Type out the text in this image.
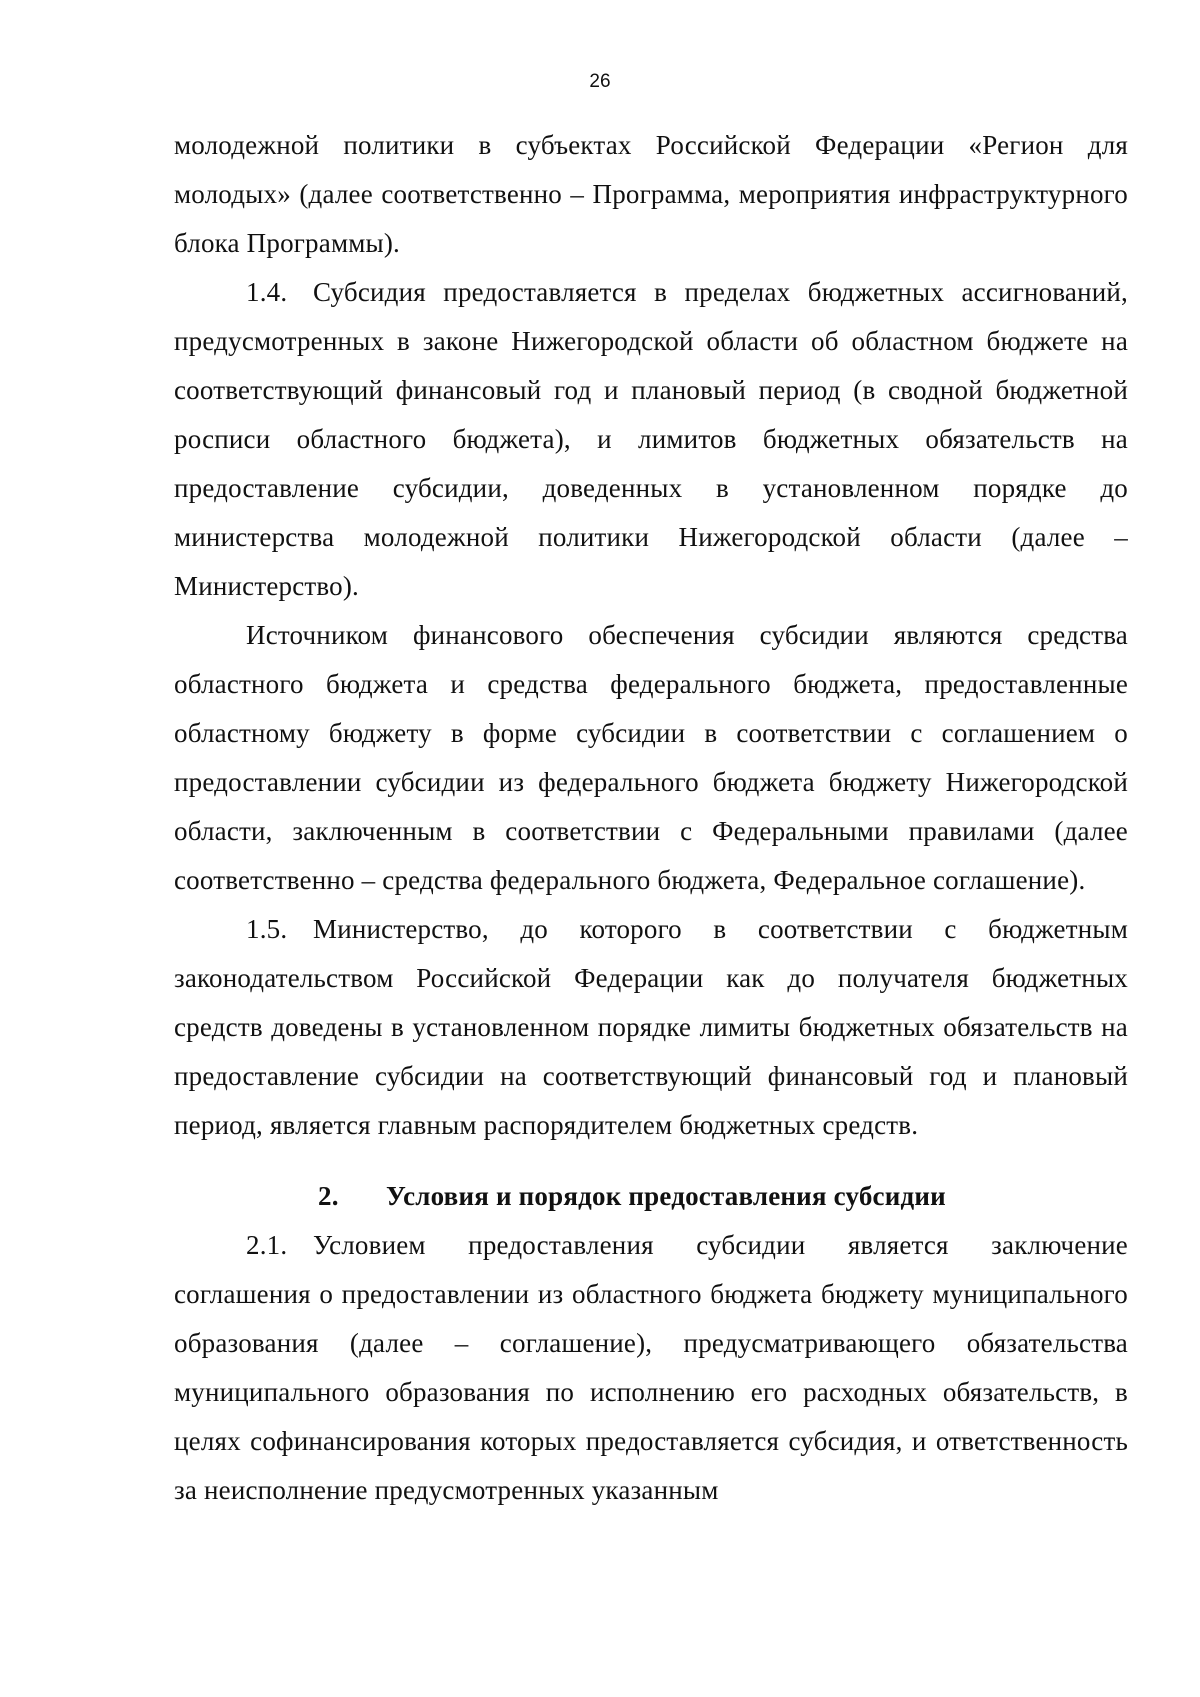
26

молодежной политики в субъектах Российской Федерации «Регион для молодых» (далее соответственно – Программа, мероприятия инфраструктурного блока Программы).

1.4. Субсидия предоставляется в пределах бюджетных ассигнований, предусмотренных в законе Нижегородской области об областном бюджете на соответствующий финансовый год и плановый период (в сводной бюджетной росписи областного бюджета), и лимитов бюджетных обязательств на предоставление субсидии, доведенных в установленном порядке до министерства молодежной политики Нижегородской области (далее – Министерство).

Источником финансового обеспечения субсидии являются средства областного бюджета и средства федерального бюджета, предоставленные областному бюджету в форме субсидии в соответствии с соглашением о предоставлении субсидии из федерального бюджета бюджету Нижегородской области, заключенным в соответствии с Федеральными правилами (далее соответственно – средства федерального бюджета, Федеральное соглашение).

1.5. Министерство, до которого в соответствии с бюджетным законодательством Российской Федерации как до получателя бюджетных средств доведены в установленном порядке лимиты бюджетных обязательств на предоставление субсидии на соответствующий финансовый год и плановый период, является главным распорядителем бюджетных средств.

2. Условия и порядок предоставления субсидии

2.1. Условием предоставления субсидии является заключение соглашения о предоставлении из областного бюджета бюджету муниципального образования (далее – соглашение), предусматривающего обязательства муниципального образования по исполнению его расходных обязательств, в целях софинансирования которых предоставляется субсидия, и ответственность за неисполнение предусмотренных указанным
